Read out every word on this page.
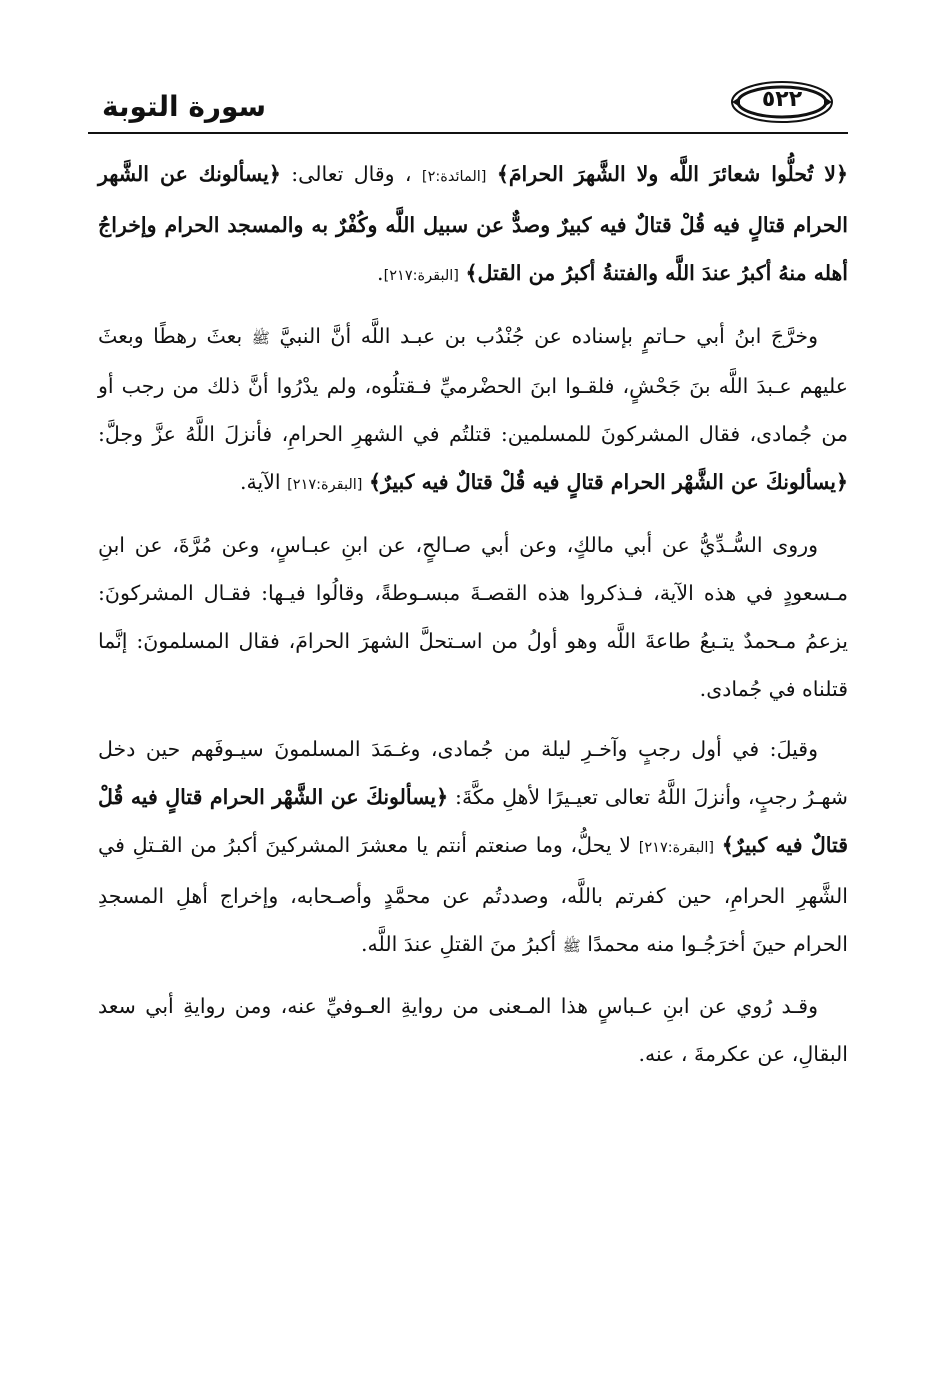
سورة التوبة	٥٢٢

﴿لا تُحلُّوا شعائرَ اللَّه ولا الشَّهرَ الحرامَ﴾ [المائدة:٢] ، وقال تعالى: ﴿يسألونك عن الشَّهر الحرام قتالٍ فيه قُلْ قتالٌ فيه كبيرٌ وصدٌّ عن سبيل اللَّه وكُفْرٌ به والمسجد الحرام وإخراجُ أهله منهُ أكبرُ عندَ اللَّه والفتنةُ أكبرُ من القتل﴾ [البقرة:٢١٧].

وخرَّجَ ابنُ أبي حـاتمٍ بإسناده عن جُنْدُب بن عبـد اللَّه أنَّ النبيَّ ﷺ بعثَ رهطًا وبعثَ عليهم عـبدَ اللَّه بنَ جَحْشٍ، فلقـوا ابنَ الحضْرميِّ فـقتلُوه، ولم يدْرُوا أنَّ ذلك من رجب أو من جُمادى، فقال المشركونَ للمسلمين: قتلتُم في الشهرِ الحرامِ، فأنزلَ اللَّهُ عزَّ وجلَّ: ﴿يسألونكَ عن الشَّهْر الحرام قتالٍ فيه قُلْ قتالٌ فيه كبيرٌ﴾ [البقرة:٢١٧] الآية.

وروى السُّـدِّيُّ عن أبي مالكٍ، وعن أبي صـالحٍ، عن ابنِ عبـاسٍ، وعن مُرَّةَ، عن ابنِ مـسعودٍ في هذه الآية، فـذكروا هذه القصـةَ مبسـوطةً، وقالُوا فيـها: فقـال المشركونَ: يزعمُ مـحمدٌ يتـبعُ طاعةَ اللَّه وهو أولُ من اسـتحلَّ الشهرَ الحرامَ، فقال المسلمونَ: إنَّما قتلناه في جُمادى.

وقيلَ: في أول رجبٍ وآخـرِ ليلة من جُمادى، وغـمَدَ المسلمونَ سيـوفَهم حين دخل شهـرُ رجبٍ، وأنزلَ اللَّهُ تعالى تعيـيرًا لأهلِ مكَّةَ: ﴿يسألونكَ عن الشَّهْر الحرام قتالٍ فيه قُلْ قتالٌ فيه كبيرٌ﴾ [البقرة:٢١٧] لا يحلُّ، وما صنعتم أنتم يا معشرَ المشركينَ أكبرُ من القـتلِ في الشَّهرِ الحرامِ، حين كفرتم باللَّه، وصددتُم عن محمَّدٍ وأصـحابه، وإخراج أهلِ المسجدِ الحرام حينَ أخرَجُـوا منه محمدًا ﷺ أكبرُ منَ القتلِ عندَ اللَّه.

وقـد رُوي عن ابنِ عـباسٍ هذا المـعنى من روايةِ العـوفيِّ عنه، ومن روايةِ أبي سعد البقالِ، عن عكرمةَ ، عنه.
